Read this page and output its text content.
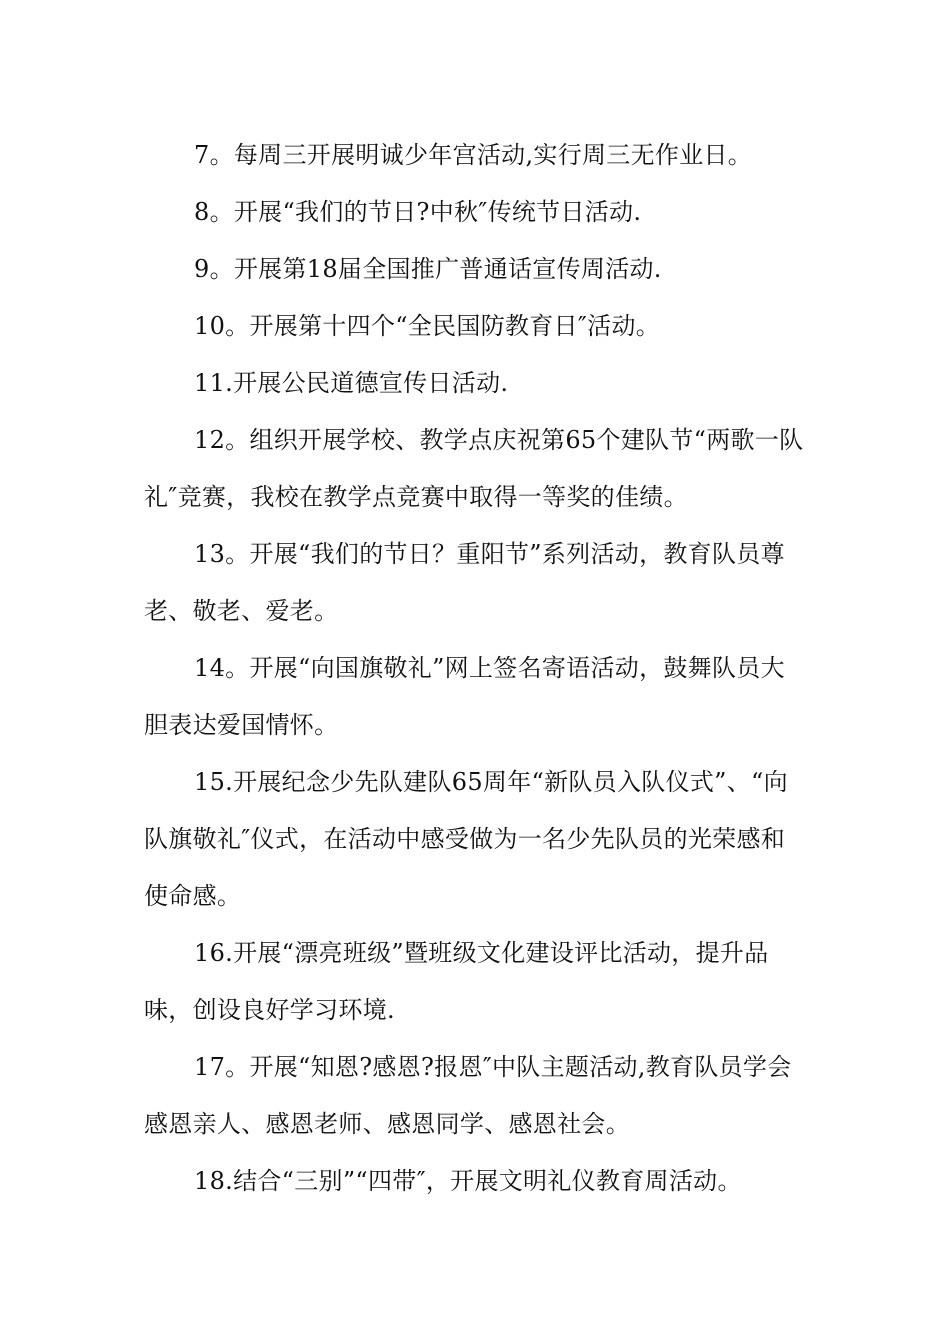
7。每周三开展明诚少年宫活动,实行周三无作业日。

8。开展“我们的节日?中秋″传统节日活动.

9。开展第18届全国推广普通话宣传周活动.

10。开展第十四个“全民国防教育日″活动。

11.开展公民道德宣传日活动.

12。组织开展学校、教学点庆祝第65个建队节“两歌一队礼″竞赛，我校在教学点竞赛中取得一等奖的佳绩。

13。开展“我们的节日？重阳节”系列活动，教育队员尊老、敬老、爱老。

14。开展“向国旗敬礼”网上签名寄语活动，鼓舞队员大胆表达爱国情怀。

15.开展纪念少先队建队65周年“新队员入队仪式”、“向队旗敬礼″仪式，在活动中感受做为一名少先队员的光荣感和使命感。

16.开展“漂亮班级”暨班级文化建设评比活动，提升品味，创设良好学习环境.

17。开展“知恩?感恩?报恩″中队主题活动,教育队员学会感恩亲人、感恩老师、感恩同学、感恩社会。

18.结合“三别”“四带″，开展文明礼仪教育周活动。
